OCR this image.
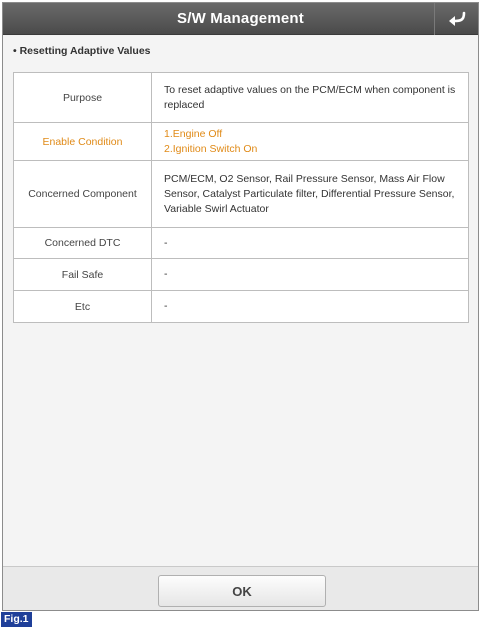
S/W Management
• Resetting Adaptive Values
Purpose	To reset adaptive values on the PCM/ECM when component is replaced
Enable Condition	1.Engine Off
2.Ignition Switch On

Concerned Component	PCM/ECM, O2 Sensor, Rail Pressure Sensor, Mass Air Flow Sensor, Catalyst Particulate filter, Differential Pressure Sensor, Variable Swirl Actuator
Concerned DTC	-
Fail Safe	-
Etc	-
OK
Fig.1
